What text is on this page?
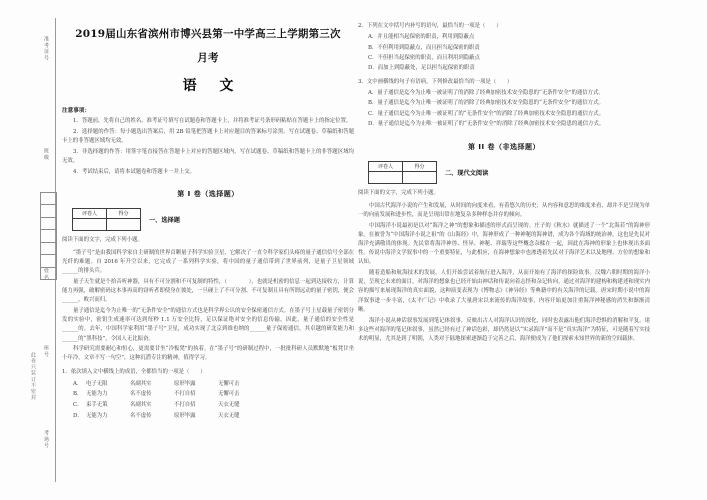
准考证号
班级
姓名
此卷只装订不密封
座号
考场号
2019届山东省滨州市博兴县第一中学高三上学期第三次
月考
语 文
注意事项：
1．答题前，先将自己的姓名、准考证号填写在试题卷和答题卡上，并将准考证号条形码粘贴在答题卡上的指定位置。
2．选择题的作答：每小题选出答案后，用 2B 铅笔把答题卡上对应题目的答案标号涂黑。写在试题卷、草稿纸和答题卡上的非答题区域均无效。
3．非选择题的作答：用签字笔直接答在答题卡上对应的答题区域内。写在试题卷、草稿纸和答题卡上的非答题区域均无效。
4．考试结束后，请将本试题卷和答题卡一并上交。
第 I 卷（选择题）
评卷人	得分

一、选择题
阅读下面的文字，完成下列小题。
“墨子号”是由我国科学家自主研制的世界首颗量子科学实验卫星，它解决了一直令科学家们头疼的量子通信信号全部在光纤的难题。自 2016 年升空以来，它完成了一系列科学实验，将中国的量子通信带到了世界前列，是量子卫星领域______的排头兵。
量子天生就是个拾音听神器，具有不可分割和不可复制的特性，（　　　　），也就是机密的信息一起到达接收方，计算能力再强，破解密码这本事再高的窃听者即使身在彼处，一旦碰上了不可分割、不可复制且具有所谓远动的量子密钥，便会______，败兴而归。
量子通信是迄今为止唯一的“无条件安全”的通信方式也是科学界公认的安全保密通信方式。在墨子号上星载量子密钥分发的实验中，密钥生成速率可达到每秒 1.1 万安全比特，足以保证绝对安全的信息传输，因此，量子通信的安全性是______的。去年，中国科学家利用“墨子号”卫星，成功实现了北京到维也纳的______量子保密通信。其卓越的研发能力和______的“黑科技”，令国人无比振奋。
科学研究需要耐心和恒心，更需要甘坐“冷板凳”的执着。在“墨子号”的研制过程中，一批批科研人员默默地“板凳甘坐十年冷，文章不写一句空”，这种沉潜专注的精神，值得学习。
1．依次填入文中横线上的成语，全都恰当的一项是（　　）
A． 电子无限	名副其实	原形毕露	无懈可击
B． 无能为力	名不虚传	不打自招	无懈可击
C． 束手无策	名副其实	不打自招	天衣无缝
D． 无能为力	名不虚传	原形毕露	天衣无缝
2．下列在文中括号内补写的语句，最恰当的一项是（　　）
A．并且能相当起保密的职责，利用到隐蔽点
B．不但利用到隐蔽点，而且担当起保密的职责
C．不但担当起保密的职责，而且利用到隐蔽点
D．而加上到隐蔽处，足以担当起保密的职责
3．文中画横线的句子有语病，下列修改最恰当的一项是（　　）
A．量子通信是迄今为止唯一被证明了的消除了经典加密技术安全隐患的“无条件安全”的通信方式。
B．量子通信是迄今为止唯一被证明了的消除了经典加密技术安全隐患的“无条件安全”的通信方式。
C．量子通信是迄今为止唯一被证明了的“无条件安全”的消除了经典加密技术安全隐患的通信方式。
D．量子通信是迄今为止唯一被证明了的“无条件安全”的消除了经典加密技术安全隐患的通信方式。
第 II 卷（非选择题）
评卷人	得分

二、现代文阅读
阅读下面的文字，完成下列小题。
中国古代海洋小说的产生和发展，从时间的向度来看，有着悠久的历史；从内容和意思的维度来看，却并不是呈现为单一的向前发展和进步性，而是呈现出常在地复杂多种样态并存的倾向。
中国海洋小说最初是以对“海洋之神”的想象和描述的形式而呈现的。庄子的《秋水》就描述了一个“北海若”的海神形象。在被誉为“中国海洋小说之祖”的《山海经》中，海神形成了一种神秘的海神谱，成为各个海域的统治神，这也是先民对海洋充满敬畏的体现。先民常将海洋神兽、怪异、神秘、祥瑞等这些概念杂糅在一起，因此在海神的形象上也体现出多面性。传说中海洋文学叙事中的一个重要特征，与此相应，在海神想象中也渗透着先民对于海洋艺术以及地理、方位的想象和认知。
随着造船和航海技术的发展，人们开始尝试着航行进入海洋，从而开始有了海洋的探险故事。汉魏六朝时期的海洋小说，呈现它未来的面目，对海洋的想象也已经开始由神话和传说向着志怪和杂记转向，通过对海洋的建构和构建述和现实内容的描写来展现海洋的真实面貌，这种演变表现为《博物志》《神异经》等典籍中的有关海洋的记载。唐宋时期小说中的海洋叙事进一步丰富，《太平广记》中收录了大量唐宋以来流传的海洋故事，内容开始更加注重海洋神秘感的消失和渐渐清晰。
海洋小说从神话叙事发展到笔记体叙事，反映出古人对海洋认识的深化，同时也表露出他们海洋恐惧的消解和平复。诸多这些对海洋的笔记体叙事，虽然已经有过了神话色彩，却仍然是以“实录海洋”而不是“真实海洋”为特征，可是随着写实技术的明显，尤其是到了明朝，人类对于陆地探索逐渐趋于完善之后，海洋便成为了他们探索未知世界的新的空间载体。
